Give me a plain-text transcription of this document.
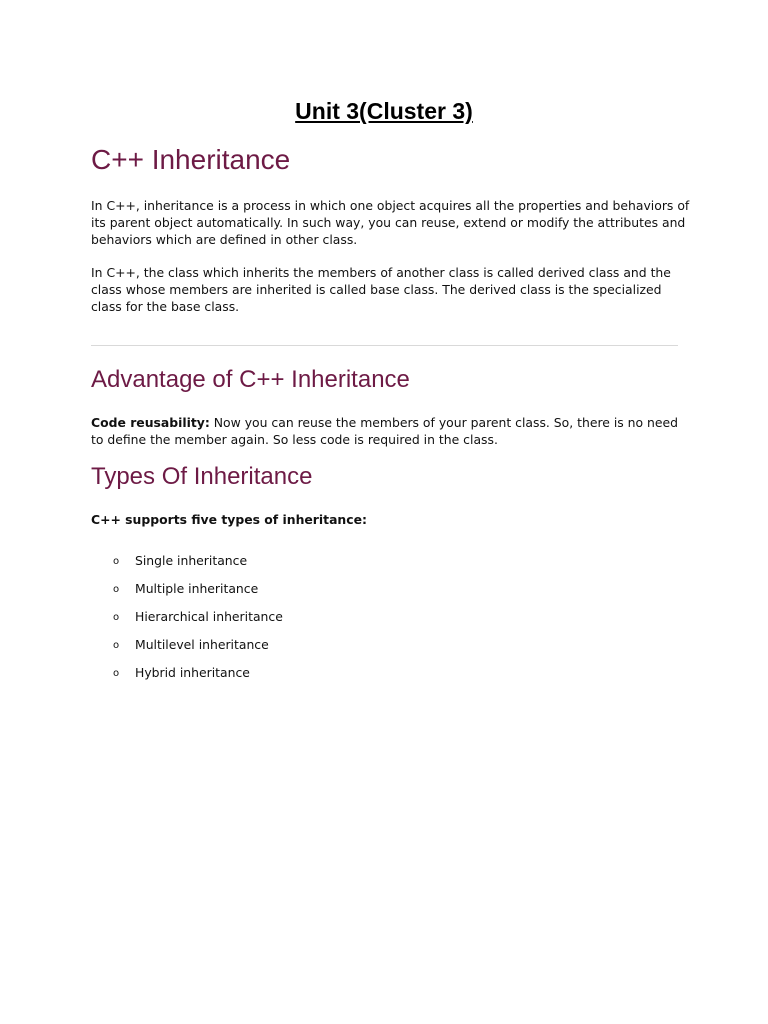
Unit 3(Cluster 3)
C++ Inheritance

In C++, inheritance is a process in which one object acquires all the properties and behaviors of its parent object automatically. In such way, you can reuse, extend or modify the attributes and behaviors which are defined in other class.

In C++, the class which inherits the members of another class is called derived class and the class whose members are inherited is called base class. The derived class is the specialized class for the base class.

Advantage of C++ Inheritance

Code reusability: Now you can reuse the members of your parent class. So, there is no need to define the member again. So less code is required in the class.

Types Of Inheritance

C++ supports five types of inheritance:

o Single inheritance
o Multiple inheritance
o Hierarchical inheritance
o Multilevel inheritance
o Hybrid inheritance
